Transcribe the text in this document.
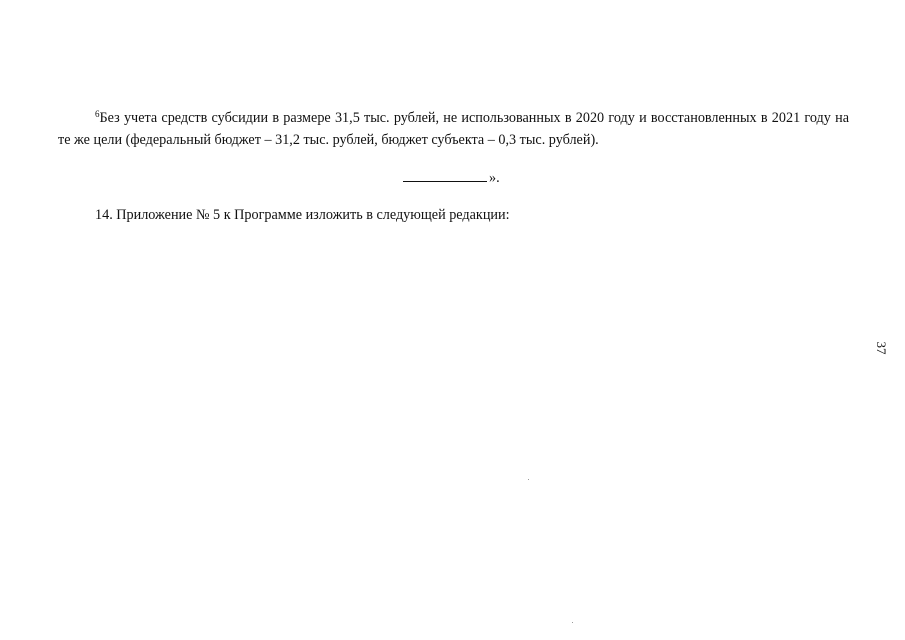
$^6$Без учета средств субсидии в размере 31,5 тыс. рублей, не использованных в 2020 году и восстановленных в 2021 году на те же цели (федеральный бюджет – 31,2 тыс. рублей, бюджет субъекта – 0,3 тыс. рублей).

».

14. Приложение № 5 к Программе изложить в следующей редакции:

37
